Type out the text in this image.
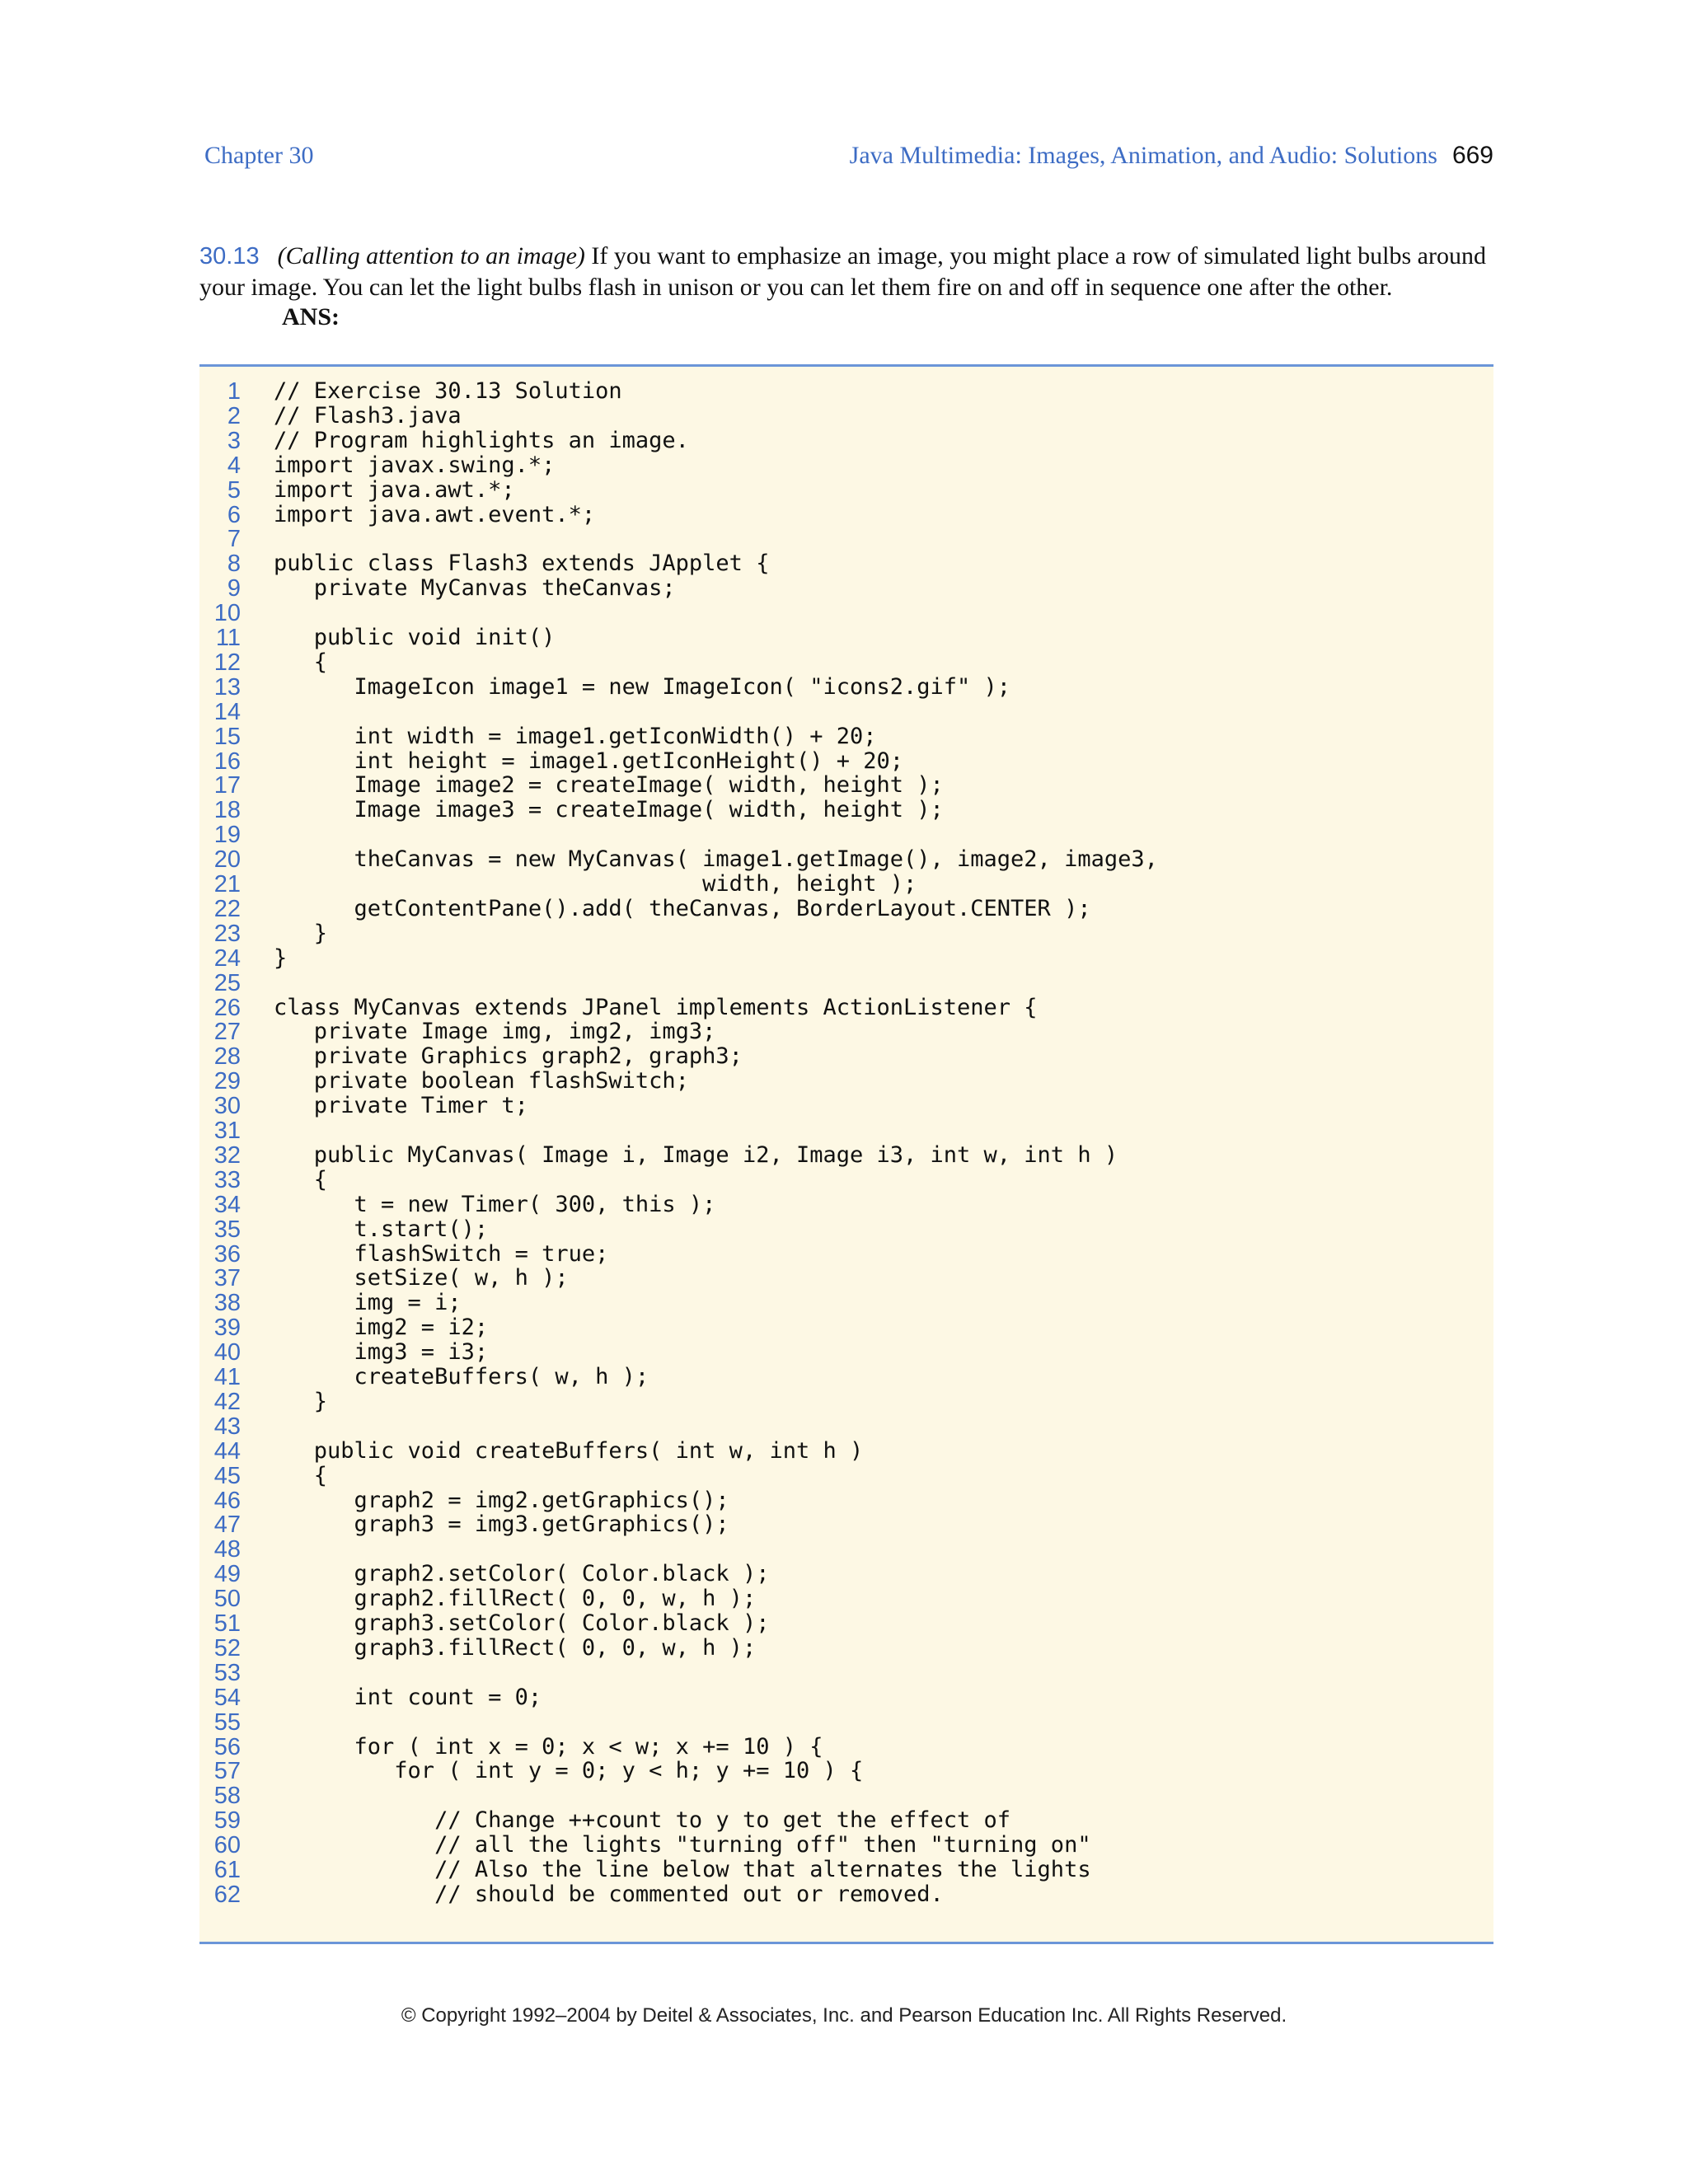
Chapter 30	Java Multimedia: Images, Animation, and Audio: Solutions 669
30.13 (Calling attention to an image) If you want to emphasize an image, you might place a row of simulated light bulbs around your image. You can let the light bulbs flash in unison or you can let them fire on and off in sequence one after the other.
ANS:
1 // Exercise 30.13 Solution
2 // Flash3.java
3 // Program highlights an image.
4 import javax.swing.*;
5 import java.awt.*;
6 import java.awt.event.*;
7
8 public class Flash3 extends JApplet {
9 private MyCanvas theCanvas;
10
11 public void init()
12 {
13 ImageIcon image1 = new ImageIcon( "icons2.gif" );
14
15 int width = image1.getIconWidth() + 20;
16 int height = image1.getIconHeight() + 20;
17 Image image2 = createImage( width, height );
18 Image image3 = createImage( width, height );
19
20 theCanvas = new MyCanvas( image1.getImage(), image2, image3,
21 width, height );
22 getContentPane().add( theCanvas, BorderLayout.CENTER );
23 }
24 }
25
26 class MyCanvas extends JPanel implements ActionListener {
27 private Image img, img2, img3;
28 private Graphics graph2, graph3;
29 private boolean flashSwitch;
30 private Timer t;
31
32 public MyCanvas( Image i, Image i2, Image i3, int w, int h )
33 {
34 t = new Timer( 300, this );
35 t.start();
36 flashSwitch = true;
37 setSize( w, h );
38 img = i;
39 img2 = i2;
40 img3 = i3;
41 createBuffers( w, h );
42 }
43
44 public void createBuffers( int w, int h )
45 {
46 graph2 = img2.getGraphics();
47 graph3 = img3.getGraphics();
48
49 graph2.setColor( Color.black );
50 graph2.fillRect( 0, 0, w, h );
51 graph3.setColor( Color.black );
52 graph3.fillRect( 0, 0, w, h );
53
54 int count = 0;
55
56 for ( int x = 0; x < w; x += 10 ) {
57 for ( int y = 0; y < h; y += 10 ) {
58
59 // Change ++count to y to get the effect of
60 // all the lights "turning off" then "turning on"
61 // Also the line below that alternates the lights
62 // should be commented out or removed.
© Copyright 1992–2004 by Deitel & Associates, Inc. and Pearson Education Inc. All Rights Reserved.
